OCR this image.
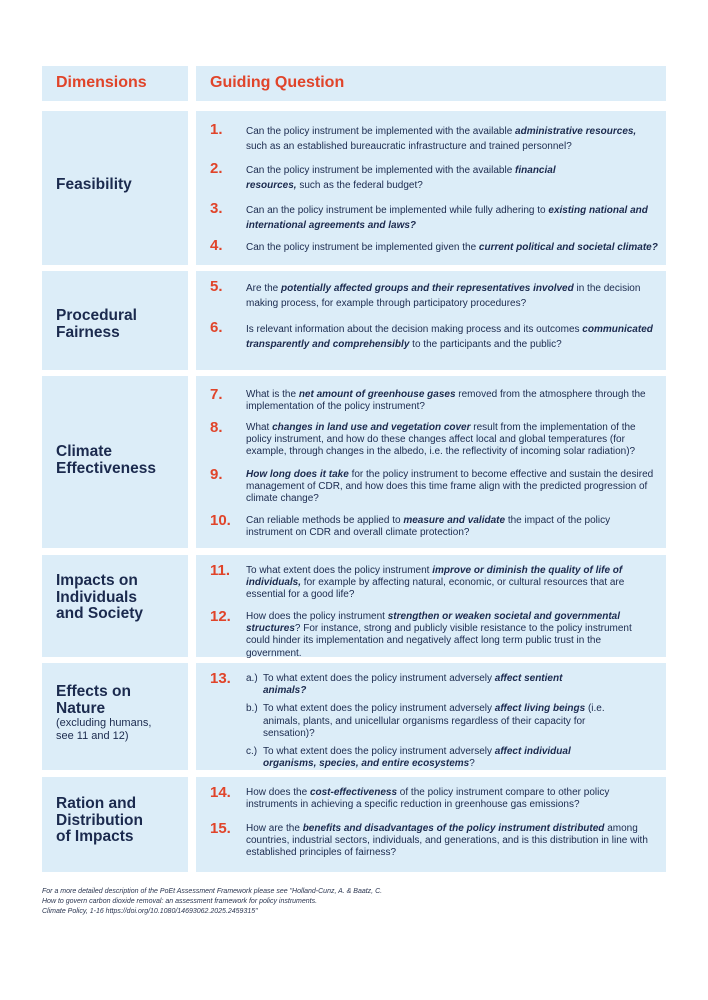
Dimensions	Guiding Question
Feasibility
1. Can the policy instrument be implemented with the available administrative resources, such as an established bureaucratic infrastructure and trained personnel?
2. Can the policy instrument be implemented with the available financial resources, such as the federal budget?
3. Can an the policy instrument be implemented while fully adhering to existing national and international agreements and laws?
4. Can the policy instrument be implemented given the current political and societal climate?
Procedural Fairness
5. Are the potentially affected groups and their representatives involved in the decision making process, for example through participatory procedures?
6. Is relevant information about the decision making process and its outcomes communicated transparently and comprehensibly to the participants and the public?
Climate Effectiveness
7. What is the net amount of greenhouse gases removed from the atmosphere through the implementation of the policy instrument?
8. What changes in land use and vegetation cover result from the implementation of the policy instrument, and how do these changes affect local and global temperatures (for example, through changes in the albedo, i.e. the reflectivity of incoming solar radiation)?
9. How long does it take for the policy instrument to become effective and sustain the desired management of CDR, and how does this time frame align with the predicted progression of climate change?
10. Can reliable methods be applied to measure and validate the impact of the policy instrument on CDR and overall climate protection?
Impacts on Individuals and Society
11. To what extent does the policy instrument improve or diminish the quality of life of individuals, for example by affecting natural, economic, or cultural resources that are essential for a good life?
12. How does the policy instrument strengthen or weaken societal and governmental structures? For instance, strong and publicly visible resistance to the policy instrument could hinder its implementation and negatively affect long term public trust in the government.
Effects on Nature
(excluding humans, see 11 and 12)
13. a.) To what extent does the policy instrument adversely affect sentient animals?
b.) To what extent does the policy instrument adversely affect living beings (i.e. animals, plants, and unicellular organisms regardless of their capacity for sensation)?
c.) To what extent does the policy instrument adversely affect individual organisms, species, and entire ecosystems?
Ration and Distribution of Impacts
14. How does the cost-effectiveness of the policy instrument compare to other policy instruments in achieving a specific reduction in greenhouse gas emissions?
15. How are the benefits and disadvantages of the policy instrument distributed among countries, industrial sectors, individuals, and generations, and is this distribution in line with established principles of fairness?
For a more detailed description of the PoEt Assessment Framework please see "Holland-Cunz, A. & Baatz, C.
How to govern carbon dioxide removal: an assessment framework for policy instruments.
Climate Policy, 1-16 https://doi.org/10.1080/14693062.2025.2459315"
